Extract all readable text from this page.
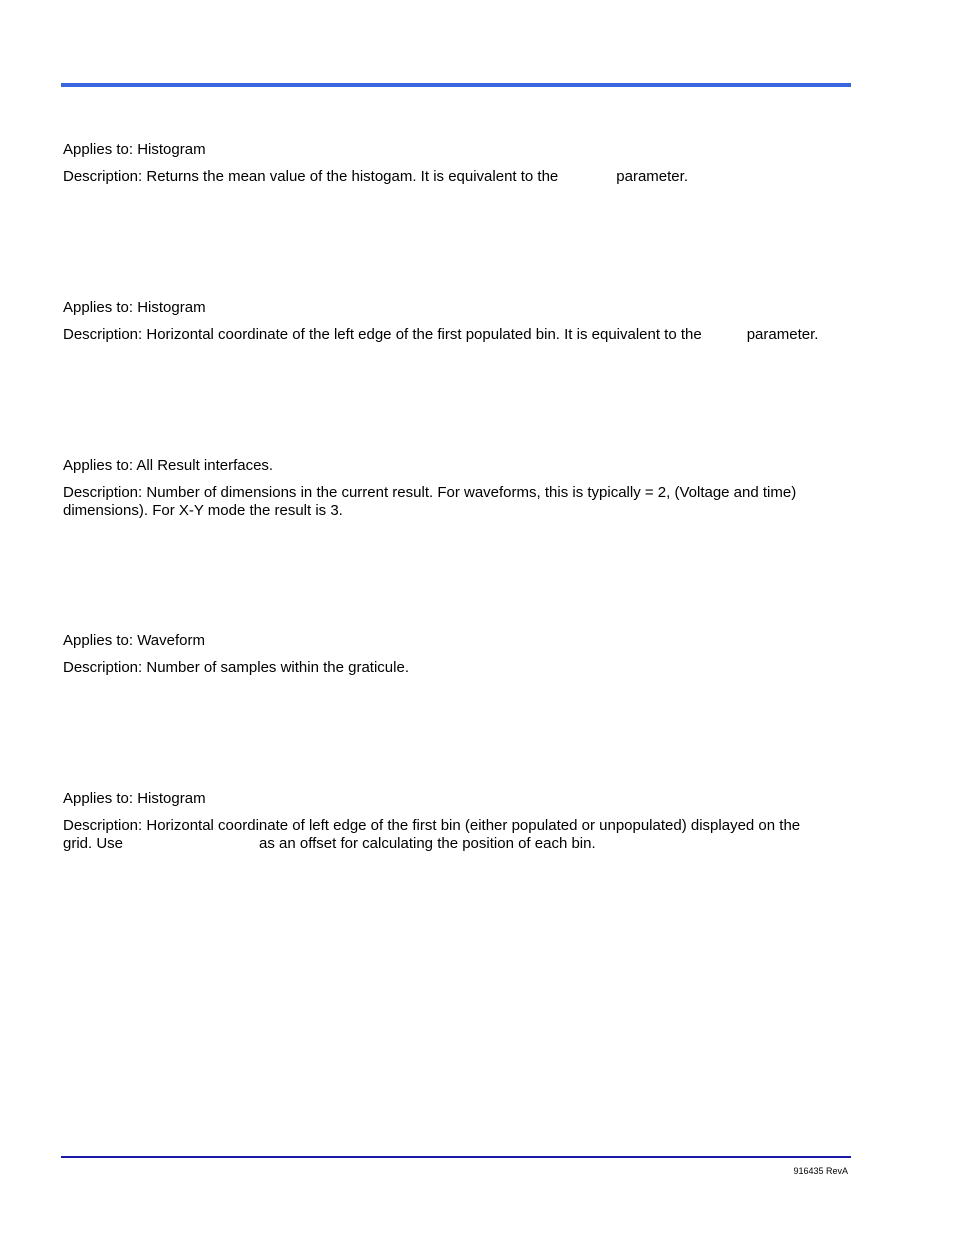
Applies to: Histogram

Description: Returns the mean value of the histogam. It is equivalent to the	parameter.

Applies to: Histogram

Description: Horizontal coordinate of the left edge of the first populated bin. It is equivalent to the	parameter.

Applies to: All Result interfaces.

Description: Number of dimensions in the current result. For waveforms, this is typically = 2, (Voltage and time)

dimensions). For X-Y mode the result is 3.

Applies to: Waveform

Description: Number of samples within the graticule.

Applies to: Histogram

Description: Horizontal coordinate of left edge of the first bin (either populated or unpopulated) displayed on the

grid. Use	as an offset for calculating the position of each bin.

916435 RevA
